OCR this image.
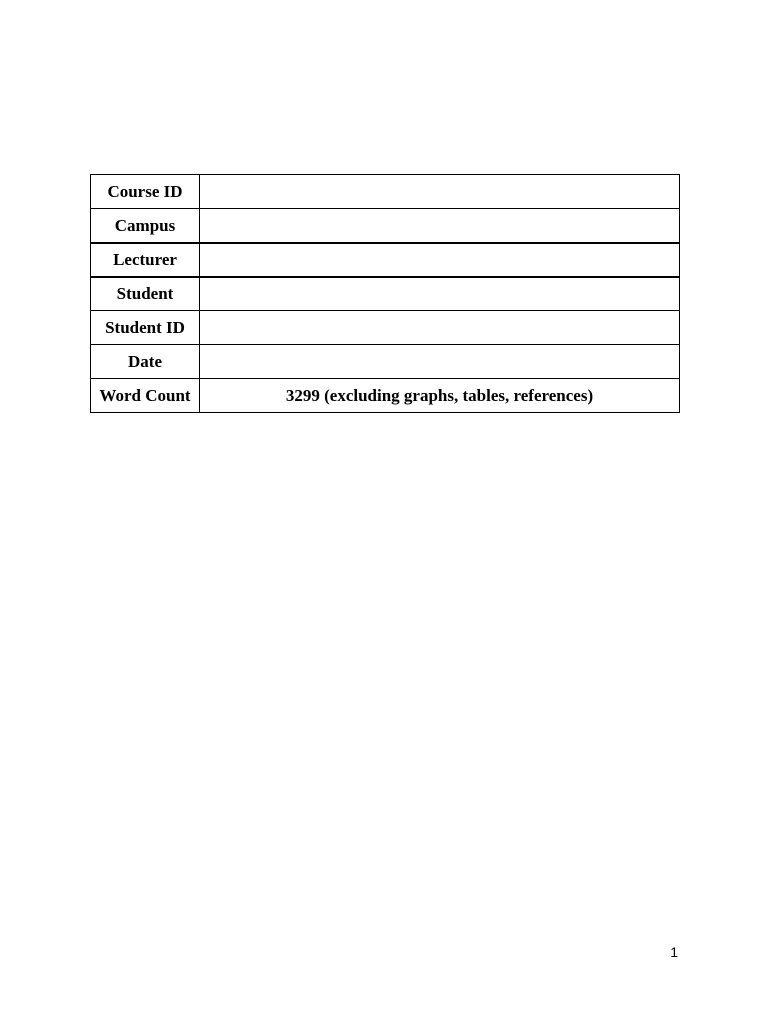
Course ID	
Campus	
Lecturer	
Student	
Student ID	
Date	
Word Count	3299 (excluding graphs, tables, references)
1
